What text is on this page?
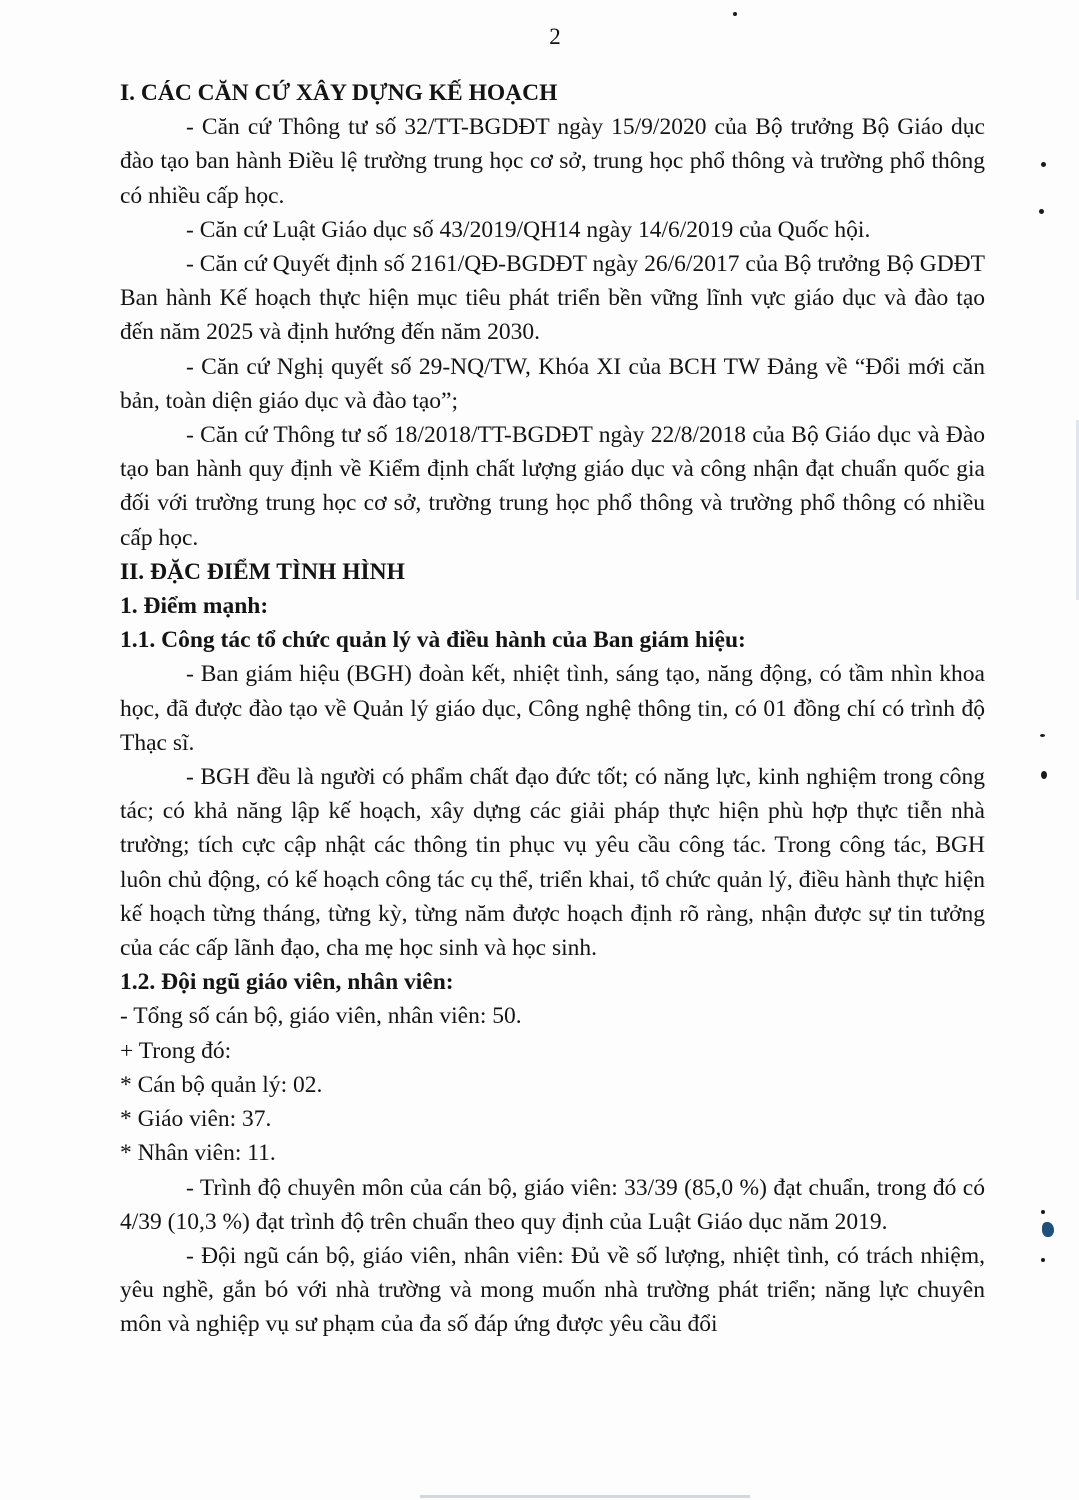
2

I. CÁC CĂN CỨ XÂY DỰNG KẾ HOẠCH

- Căn cứ Thông tư số 32/TT-BGDĐT ngày 15/9/2020 của Bộ trưởng Bộ Giáo dục đào tạo ban hành Điều lệ trường trung học cơ sở, trung học phổ thông và trường phổ thông có nhiều cấp học.

- Căn cứ Luật Giáo dục số 43/2019/QH14 ngày 14/6/2019 của Quốc hội.

- Căn cứ Quyết định số 2161/QĐ-BGDĐT ngày 26/6/2017 của Bộ trưởng Bộ GDĐT Ban hành Kế hoạch thực hiện mục tiêu phát triển bền vững lĩnh vực giáo dục và đào tạo đến năm 2025 và định hướng đến năm 2030.

- Căn cứ Nghị quyết số 29-NQ/TW, Khóa XI của BCH TW Đảng về “Đổi mới căn bản, toàn diện giáo dục và đào tạo”;

- Căn cứ Thông tư số 18/2018/TT-BGDĐT ngày 22/8/2018 của Bộ Giáo dục và Đào tạo ban hành quy định về Kiểm định chất lượng giáo dục và công nhận đạt chuẩn quốc gia đối với trường trung học cơ sở, trường trung học phổ thông và trường phổ thông có nhiều cấp học.

II. ĐẶC ĐIỂM TÌNH HÌNH

1. Điểm mạnh:

1.1. Công tác tổ chức quản lý và điều hành của Ban giám hiệu:

- Ban giám hiệu (BGH) đoàn kết, nhiệt tình, sáng tạo, năng động, có tầm nhìn khoa học, đã được đào tạo về Quản lý giáo dục, Công nghệ thông tin, có 01 đồng chí có trình độ Thạc sĩ.

- BGH đều là người có phẩm chất đạo đức tốt; có năng lực, kinh nghiệm trong công tác; có khả năng lập kế hoạch, xây dựng các giải pháp thực hiện phù hợp thực tiễn nhà trường; tích cực cập nhật các thông tin phục vụ yêu cầu công tác. Trong công tác, BGH luôn chủ động, có kế hoạch công tác cụ thể, triển khai, tổ chức quản lý, điều hành thực hiện kế hoạch từng tháng, từng kỳ, từng năm được hoạch định rõ ràng, nhận được sự tin tưởng của các cấp lãnh đạo, cha mẹ học sinh và học sinh.

1.2. Đội ngũ giáo viên, nhân viên:

- Tổng số cán bộ, giáo viên, nhân viên: 50.

+ Trong đó:

* Cán bộ quản lý: 02.

* Giáo viên: 37.

* Nhân viên: 11.

- Trình độ chuyên môn của cán bộ, giáo viên: 33/39 (85,0 %) đạt chuẩn, trong đó có 4/39 (10,3 %) đạt trình độ trên chuẩn theo quy định của Luật Giáo dục năm 2019.

- Đội ngũ cán bộ, giáo viên, nhân viên: Đủ về số lượng, nhiệt tình, có trách nhiệm, yêu nghề, gắn bó với nhà trường và mong muốn nhà trường phát triển; năng lực chuyên môn và nghiệp vụ sư phạm của đa số đáp ứng được yêu cầu đổi
